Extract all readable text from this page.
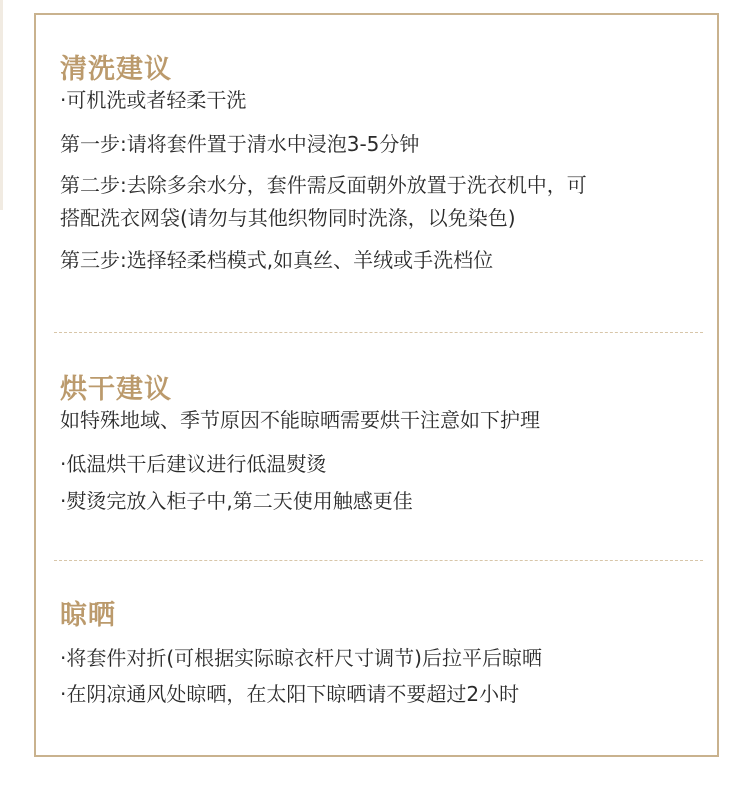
清洗建议

·可机洗或者轻柔干洗

第一步:请将套件置于清水中浸泡3-5分钟

第二步:去除多余水分，套件需反面朝外放置于洗衣机中，可

搭配洗衣网袋(请勿与其他织物同时洗涤，以免染色)

第三步:选择轻柔档模式,如真丝、羊绒或手洗档位

烘干建议

如特殊地域、季节原因不能晾晒需要烘干注意如下护理

·低温烘干后建议进行低温熨烫

·熨烫完放入柜子中,第二天使用触感更佳

晾晒

·将套件对折(可根据实际晾衣杆尺寸调节)后拉平后晾晒

·在阴凉通风处晾晒，在太阳下晾晒请不要超过2小时
